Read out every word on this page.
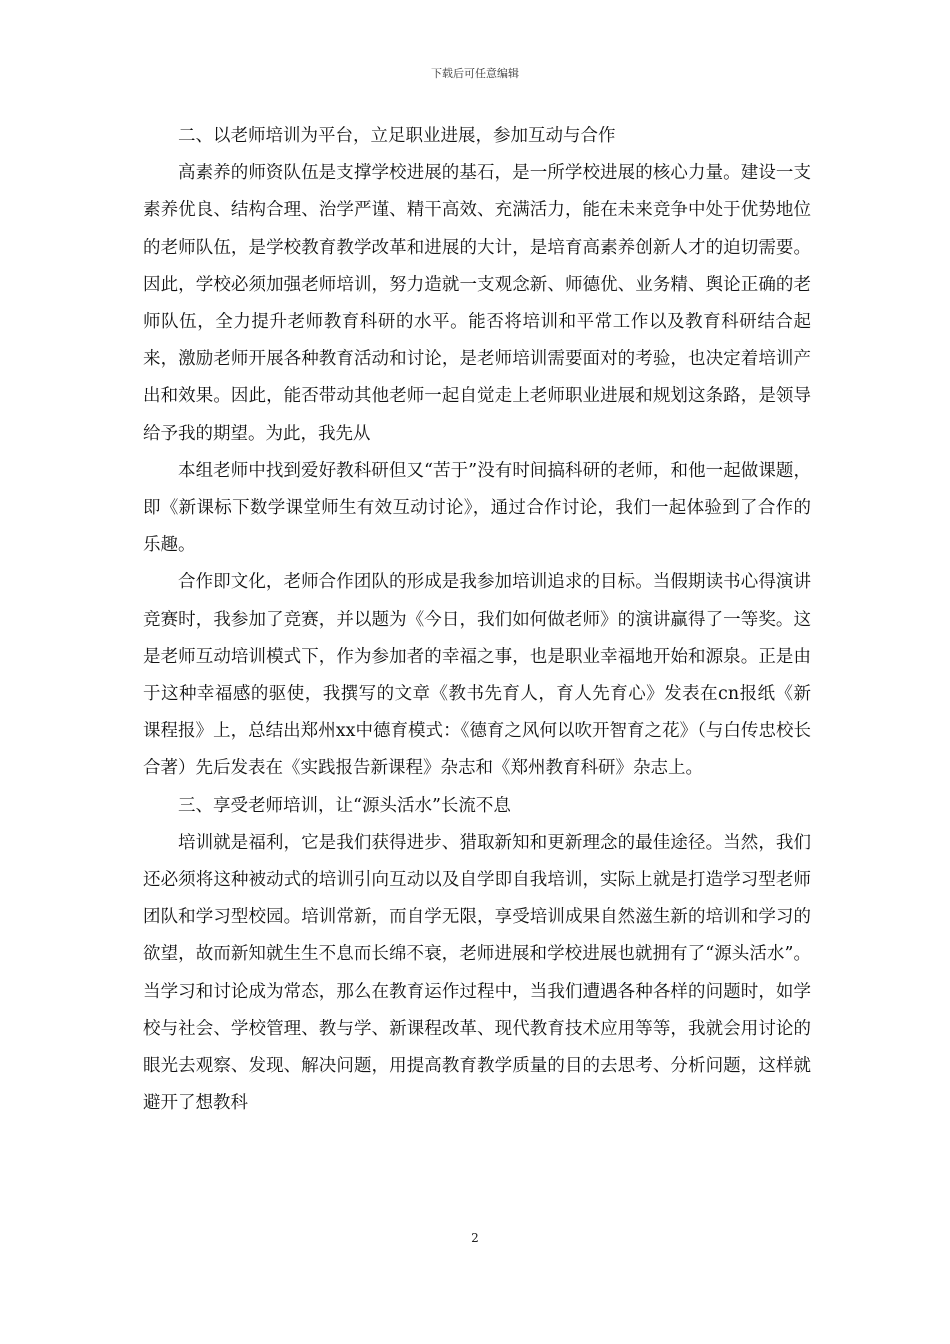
下载后可任意编辑

二、以老师培训为平台，立足职业进展，参加互动与合作

高素养的师资队伍是支撑学校进展的基石，是一所学校进展的核心力量。建设一支素养优良、结构合理、治学严谨、精干高效、充满活力，能在未来竞争中处于优势地位的老师队伍，是学校教育教学改革和进展的大计，是培育高素养创新人才的迫切需要。因此，学校必须加强老师培训，努力造就一支观念新、师德优、业务精、舆论正确的老师队伍，全力提升老师教育科研的水平。能否将培训和平常工作以及教育科研结合起来，激励老师开展各种教育活动和讨论，是老师培训需要面对的考验，也决定着培训产出和效果。因此，能否带动其他老师一起自觉走上老师职业进展和规划这条路，是领导给予我的期望。为此，我先从

本组老师中找到爱好教科研但又“苦于”没有时间搞科研的老师，和他一起做课题，即《新课标下数学课堂师生有效互动讨论》，通过合作讨论，我们一起体验到了合作的乐趣。

合作即文化，老师合作团队的形成是我参加培训追求的目标。当假期读书心得演讲竞赛时，我参加了竞赛，并以题为《今日，我们如何做老师》的演讲赢得了一等奖。这是老师互动培训模式下，作为参加者的幸福之事，也是职业幸福地开始和源泉。正是由于这种幸福感的驱使，我撰写的文章《教书先育人，育人先育心》发表在cn报纸《新课程报》上，总结出郑州xx中德育模式：《德育之风何以吹开智育之花》（与白传忠校长合著）先后发表在《实践报告新课程》杂志和《郑州教育科研》杂志上。

三、享受老师培训，让“源头活水”长流不息

培训就是福利，它是我们获得进步、猎取新知和更新理念的最佳途径。当然，我们还必须将这种被动式的培训引向互动以及自学即自我培训，实际上就是打造学习型老师团队和学习型校园。培训常新，而自学无限，享受培训成果自然滋生新的培训和学习的欲望，故而新知就生生不息而长绵不衰，老师进展和学校进展也就拥有了“源头活水”。当学习和讨论成为常态，那么在教育运作过程中，当我们遭遇各种各样的问题时，如学校与社会、学校管理、教与学、新课程改革、现代教育技术应用等等，我就会用讨论的眼光去观察、发现、解决问题，用提高教育教学质量的目的去思考、分析问题，这样就避开了想教科

2
